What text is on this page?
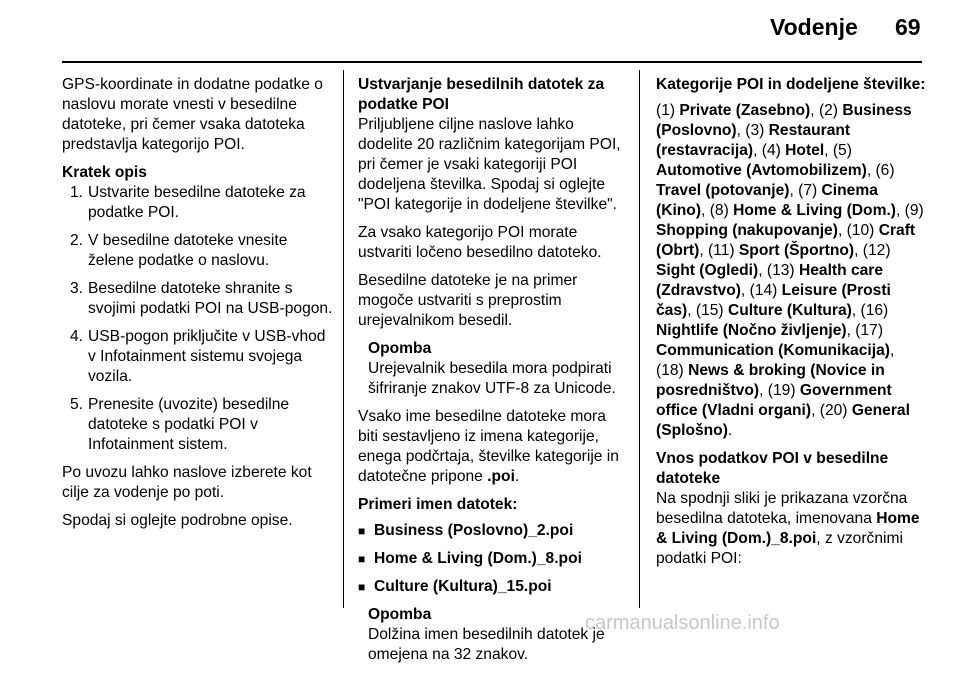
Vodenje 69

GPS-koordinate in dodatne podatke o naslovu morate vnesti v besedilne datoteke, pri čemer vsaka datoteka predstavlja kategorijo POI.

Kratek opis
1. Ustvarite besedilne datoteke za podatke POI.
2. V besedilne datoteke vnesite želene podatke o naslovu.
3. Besedilne datoteke shranite s svojimi podatki POI na USB-pogon.
4. USB-pogon priključite v USB-vhod v Infotainment sistemu svojega vozila.
5. Prenesite (uvozite) besedilne datoteke s podatki POI v Infotainment sistem.

Po uvozu lahko naslove izberete kot cilje za vodenje po poti.

Spodaj si oglejte podrobne opise.

Ustvarjanje besedilnih datotek za podatke POI

Priljubljene ciljne naslove lahko dodelite 20 različnim kategorijam POI, pri čemer je vsaki kategoriji POI dodeljena številka. Spodaj si oglejte "POI kategorije in dodeljene številke".

Za vsako kategorijo POI morate ustvariti ločeno besedilno datoteko.

Besedilne datoteke je na primer mogoče ustvariti s preprostim urejevalnikom besedil.

Opomba
Urejevalnik besedila mora podpirati šifriranje znakov UTF-8 za Unicode.

Vsako ime besedilne datoteke mora biti sestavljeno iz imena kategorije, enega podčrtaja, številke kategorije in datotečne pripone .poi.

Primeri imen datotek:

■ Business (Poslovno)_2.poi
■ Home & Living (Dom.)_8.poi
■ Culture (Kultura)_15.poi
Opomba
Dolžina imen besedilnih datotek je omejena na 32 znakov.

Kategorije POI in dodeljene številke:

(1) Private (Zasebno), (2) Business (Poslovno), (3) Restaurant (restavracija), (4) Hotel, (5) Automotive (Avtomobilizem), (6) Travel (potovanje), (7) Cinema (Kino), (8) Home & Living (Dom.), (9) Shopping (nakupovanje), (10) Craft (Obrt), (11) Sport (Športno), (12) Sight (Ogledi), (13) Health care (Zdravstvo), (14) Leisure (Prosti čas), (15) Culture (Kultura), (16) Nightlife (Nočno življenje), (17) Communication (Komunikacija), (18) News & broking (Novice in posredništvo), (19) Government office (Vladni organi), (20) General (Splošno).

Vnos podatkov POI v besedilne datoteke

Na spodnji sliki je prikazana vzorčna besedilna datoteka, imenovana Home & Living (Dom.)_8.poi, z vzorčnimi podatki POI:

carmanualsonline.info
